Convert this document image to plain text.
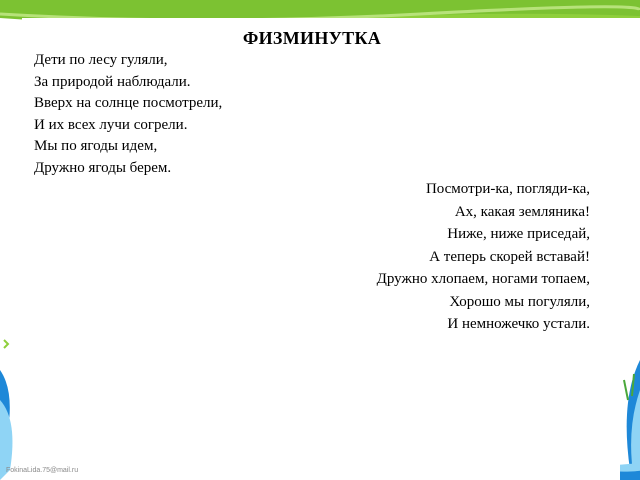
ФИЗМИНУТКА
Дети по лесу гуляли,
За природой наблюдали.
Вверх на солнце посмотрели,
И их всех лучи согрели.
Мы по ягоды идем,
Дружно ягоды берем.
Посмотри-ка, погляди-ка,
Ах, какая земляника!
Ниже, ниже приседай,
А теперь скорей вставай!
Дружно хлопаем, ногами топаем,
Хорошо мы погуляли,
И немножечко устали.
FokinaLida.75@mail.ru
